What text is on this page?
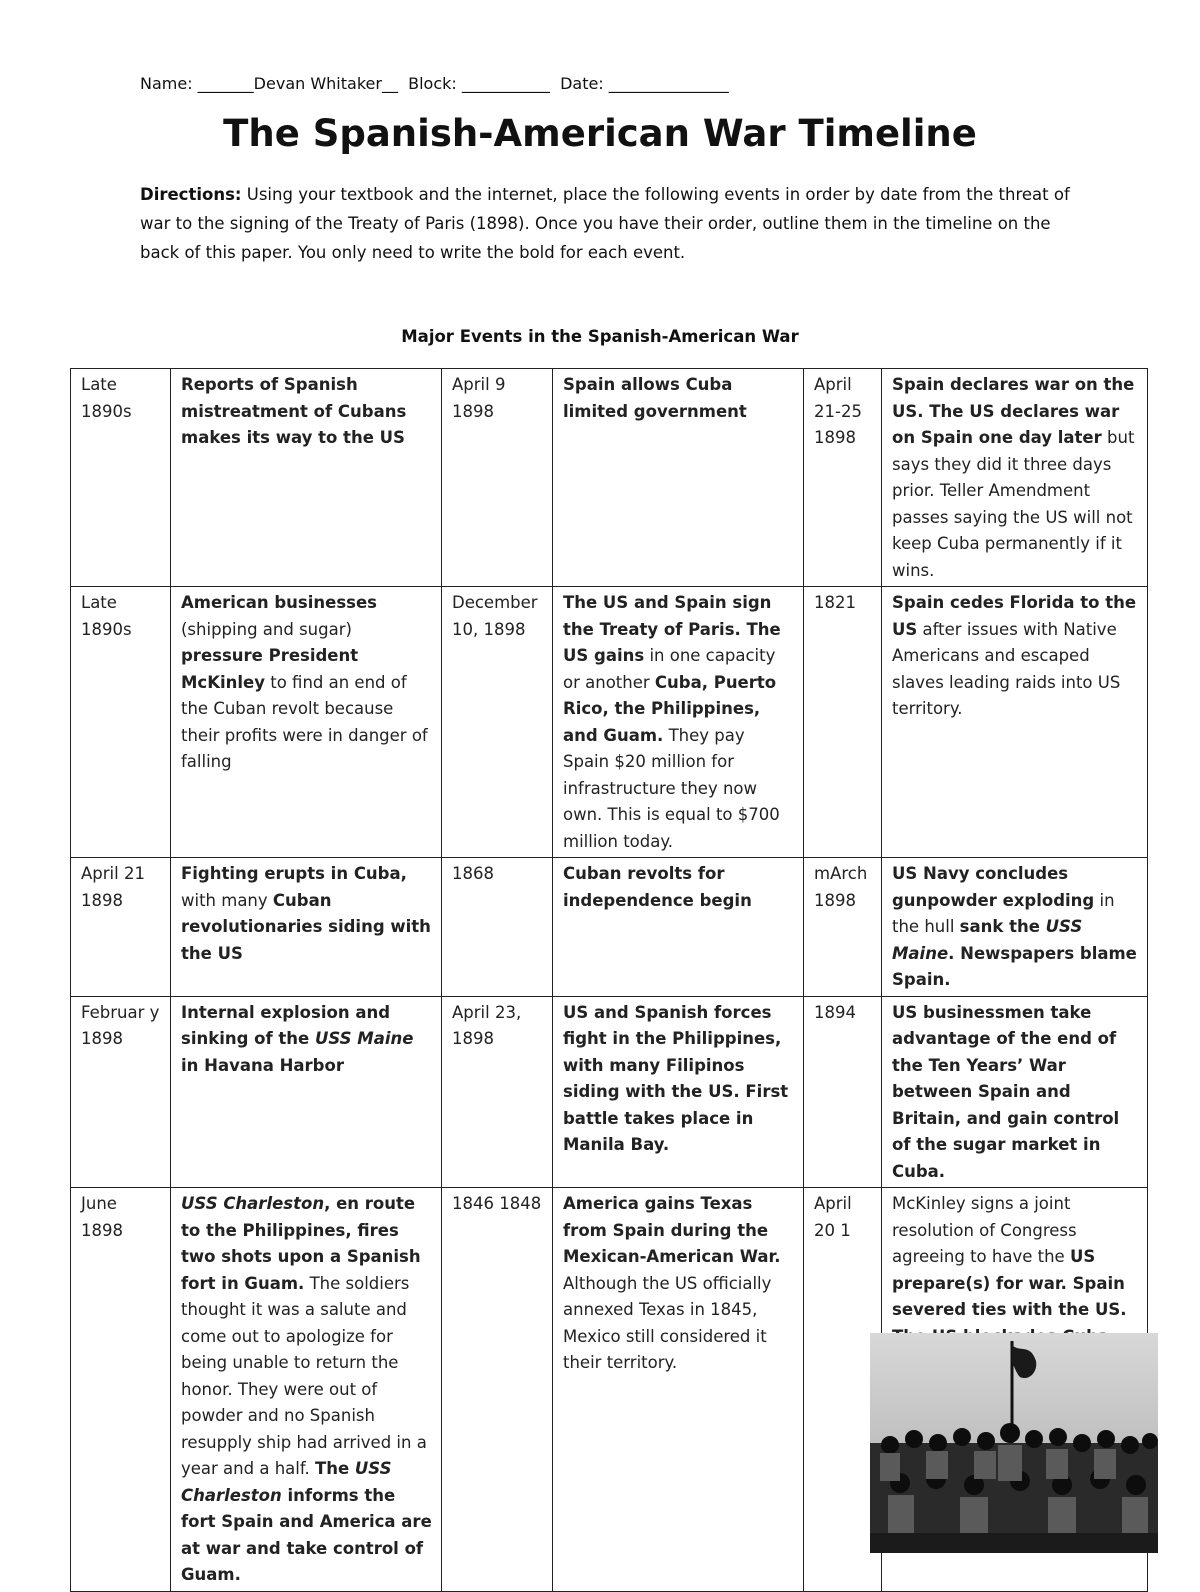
Name: _______Devan Whitaker__ Block: ___________ Date: _______________
The Spanish-American War Timeline
Directions: Using your textbook and the internet, place the following events in order by date from the threat of war to the signing of the Treaty of Paris (1898). Once you have their order, outline them in the timeline on the back of this paper. You only need to write the bold for each event.
Major Events in the Spanish-American War
Late 1890s	Reports of Spanish mistreatment of Cubans makes its way to the US	April 9 1898	Spain allows Cuba limited government	April 21-25 1898	Spain declares war on the US. The US declares war on Spain one day later but says they did it three days prior. Teller Amendment passes saying the US will not keep Cuba permanently if it wins.
Late 1890s	American businesses (shipping and sugar) pressure President McKinley to find an end of the Cuban revolt because their profits were in danger of falling	December 10, 1898	The US and Spain sign the Treaty of Paris. The US gains in one capacity or another Cuba, Puerto Rico, the Philippines, and Guam. They pay Spain $20 million for infrastructure they now own. This is equal to $700 million today.	1821	Spain cedes Florida to the US after issues with Native Americans and escaped slaves leading raids into US territory.
April 21 1898	Fighting erupts in Cuba, with many Cuban revolutionaries siding with the US	1868	Cuban revolts for independence begin	mArch 1898	US Navy concludes gunpowder exploding in the hull sank the USS Maine. Newspapers blame Spain.
Februar y 1898	Internal explosion and sinking of the USS Maine in Havana Harbor	April 23, 1898	US and Spanish forces fight in the Philippines, with many Filipinos siding with the US. First battle takes place in Manila Bay.	1894	US businessmen take advantage of the end of the Ten Years’ War between Spain and Britain, and gain control of the sugar market in Cuba.
June 1898	USS Charleston, en route to the Philippines, fires two shots upon a Spanish fort in Guam. The soldiers thought it was a salute and come out to apologize for being unable to return the honor. They were out of powder and no Spanish resupply ship had arrived in a year and a half. The USS Charleston informs the fort Spain and America are at war and take control of Guam.	1846 1848	America gains Texas from Spain during the Mexican-American War. Although the US officially annexed Texas in 1845, Mexico still considered it their territory.	April 20 1	McKinley signs a joint resolution of Congress agreeing to have the US prepare(s) for war. Spain severed ties with the US.
